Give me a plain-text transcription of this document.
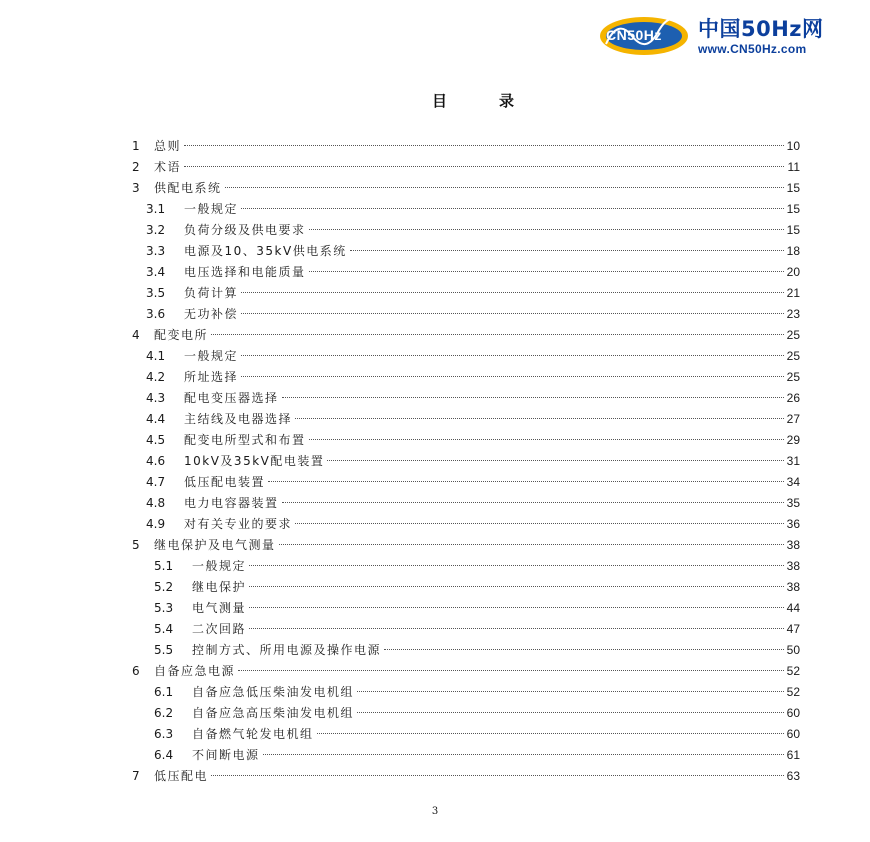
CN50Hz	中国50Hz网
www.CN50Hz.com
目录
1	总则	10
2	术语	11
3	供配电系统	15
3.1	一般规定	15
3.2	负荷分级及供电要求	15
3.3	电源及10、35kV供电系统	18
3.4	电压选择和电能质量	20
3.5	负荷计算	21
3.6	无功补偿	23
4	配变电所	25
4.1	一般规定	25
4.2	所址选择	25
4.3	配电变压器选择	26
4.4	主结线及电器选择	27
4.5	配变电所型式和布置	29
4.6	10kV及35kV配电装置	31
4.7	低压配电装置	34
4.8	电力电容器装置	35
4.9	对有关专业的要求	36
5	继电保护及电气测量	38
5.1	一般规定	38
5.2	继电保护	38
5.3	电气测量	44
5.4	二次回路	47
5.5	控制方式、所用电源及操作电源	50
6	自备应急电源	52
6.1	自备应急低压柴油发电机组	52
6.2	自备应急高压柴油发电机组	60
6.3	自备燃气轮发电机组	60
6.4	不间断电源	61
7	低压配电	63
3
